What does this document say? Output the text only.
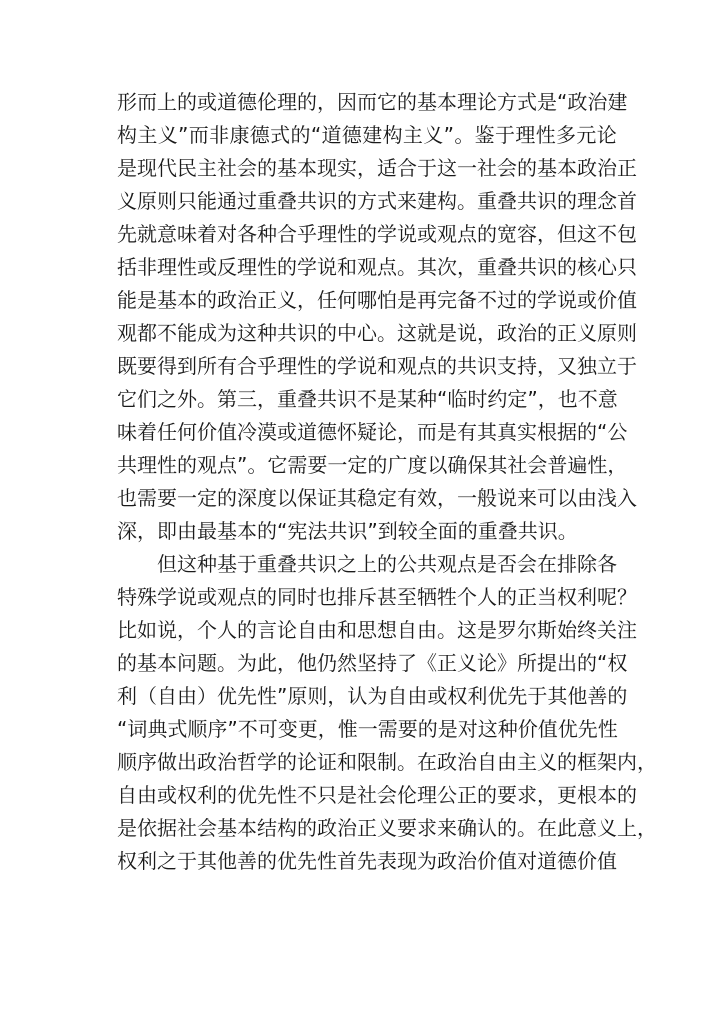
形 而 上 的 或 道 德 伦 理 的 ， 因 而 它 的 基 本 理 论 方 式 是 “ 政 治 建
构 主 义 ” 而 非 康 德 式 的 “ 道 德 建 构 主 义 ” 。 鉴 于 理 性 多 元 论
是 现 代 民 主 社 会 的 基 本 现 实 ， 适 合 于 这 一 社 会 的 基 本 政 治 正
义 原 则 只 能 通 过 重 叠 共 识 的 方 式 来 建 构 。 重 叠 共 识 的 理 念 首
先 就 意 味 着 对 各 种 合 乎 理 性 的 学 说 或 观 点 的 宽 容 ， 但 这 不 包
括 非 理 性 或 反 理 性 的 学 说 和 观 点 。 其 次 ， 重 叠 共 识 的 核 心 只
能 是 基 本 的 政 治 正 义 ， 任 何 哪 怕 是 再 完 备 不 过 的 学 说 或 价 值
观 都 不 能 成 为 这 种 共 识 的 中 心 。 这 就 是 说 ， 政 治 的 正 义 原 则
既 要 得 到 所 有 合 乎 理 性 的 学 说 和 观 点 的 共 识 支 持 ， 又 独 立 于
它 们 之 外 。 第 三 ， 重 叠 共 识 不 是 某 种 “ 临 时 约 定 ” ， 也 不 意
味 着 任 何 价 值 冷 漠 或 道 德 怀 疑 论 ， 而 是 有 其 真 实 根 据 的 “ 公
共 理 性 的 观 点 ” 。 它 需 要 一 定 的 广 度 以 确 保 其 社 会 普 遍 性 ，
也 需 要 一 定 的 深 度 以 保 证 其 稳 定 有 效 ， 一 般 说 来 可 以 由 浅 入
深，即由最基本的“宪法共识”到较全面的重叠共识。

但 这 种 基 于 重 叠 共 识 之 上 的 公 共 观 点 是 否 会 在 排 除 各
特 殊 学 说 或 观 点 的 同 时 也 排 斥 甚 至 牺 牲 个 人 的 正 当 权 利 呢 ？
比 如 说 ， 个 人 的 言 论 自 由 和 思 想 自 由 。 这 是 罗 尔 斯 始 终 关 注
的 基 本 问 题 。 为 此 ， 他 仍 然 坚 持 了 《 正 义 论 》 所 提 出 的 “ 权
利 （ 自 由 ） 优 先 性 ” 原 则 ， 认 为 自 由 或 权 利 优 先 于 其 他 善 的
“ 词 典 式 顺 序 ” 不 可 变 更 ， 惟 一 需 要 的 是 对 这 种 价 值 优 先 性
顺 序 做 出 政 治 哲 学 的 论 证 和 限 制 。 在 政 治 自 由 主 义 的 框 架 内 ，
自 由 或 权 利 的 优 先 性 不 只 是 社 会 伦 理 公 正 的 要 求 ， 更 根 本 的
是 依 据 社 会 基 本 结 构 的 政 治 正 义 要 求 来 确 认 的 。 在 此 意 义 上 ，
权利之于其他善的优先性首先表现为政治价值对道德价值
